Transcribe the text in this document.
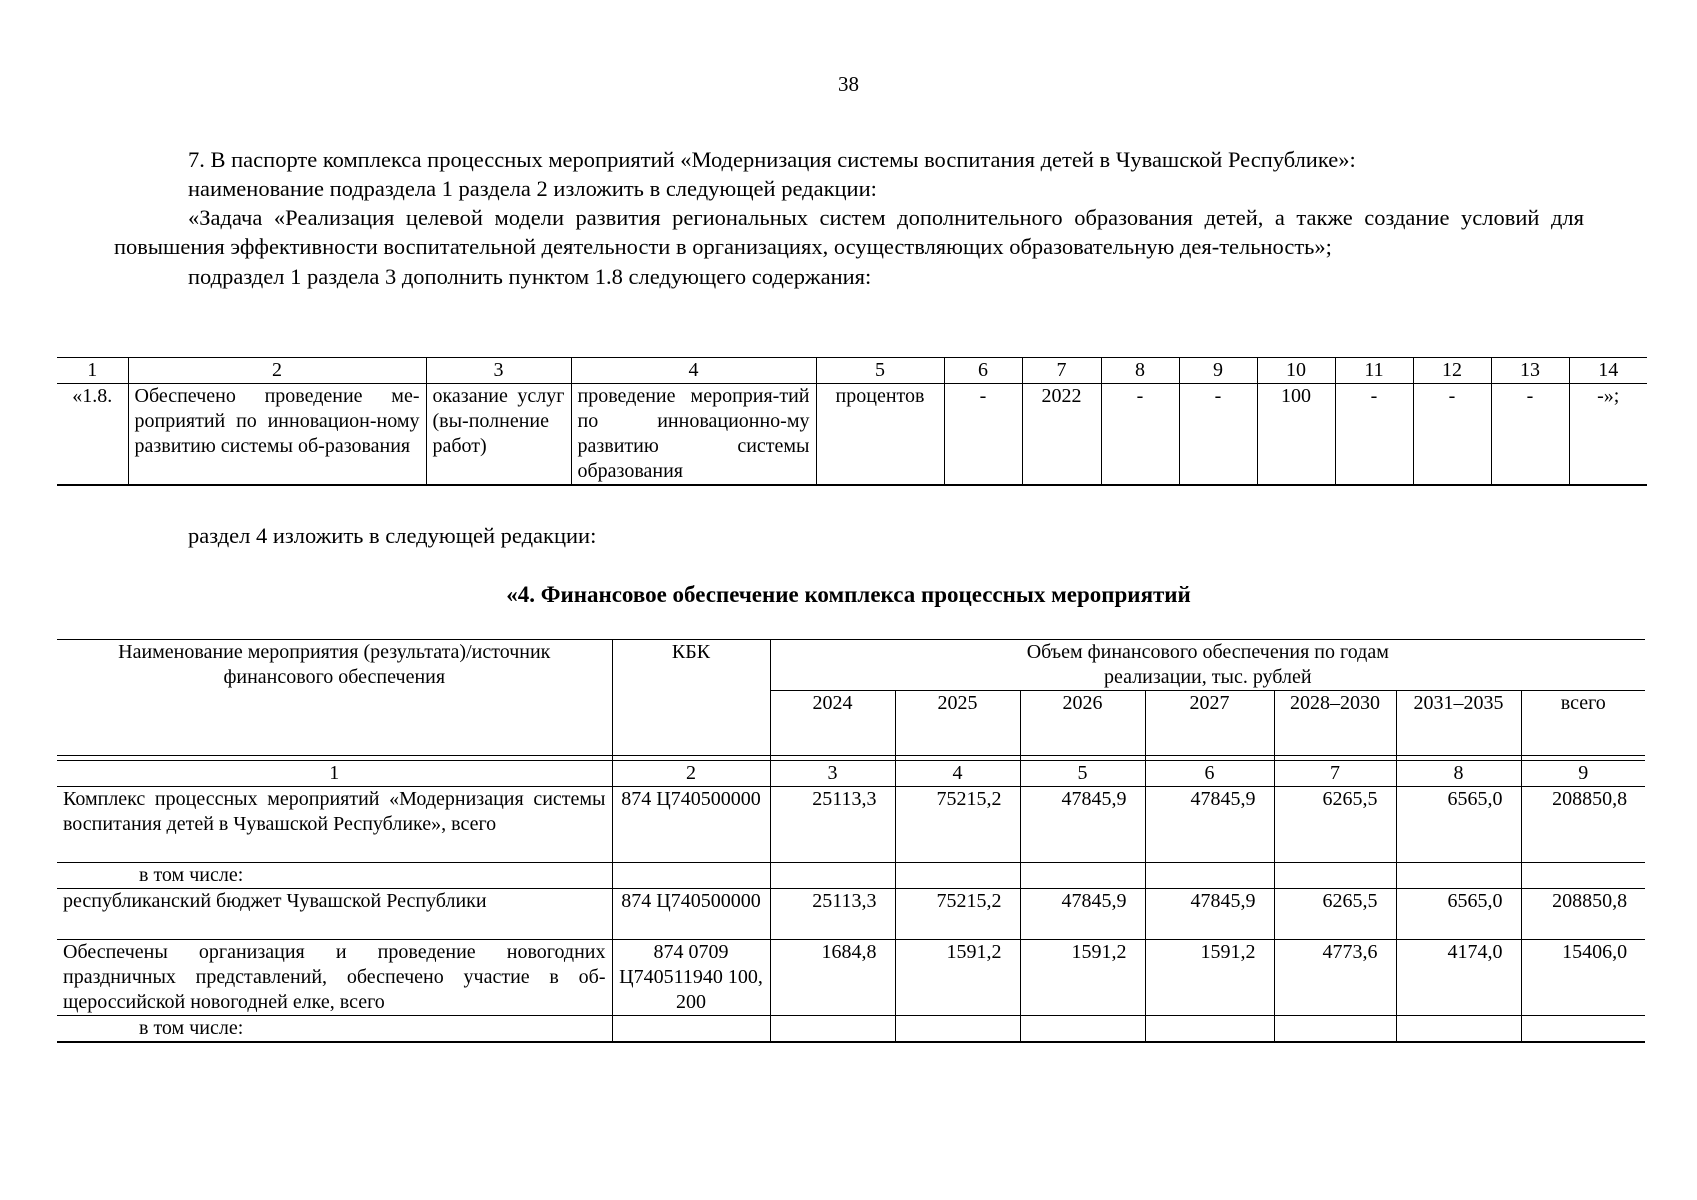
38
7. В паспорте комплекса процессных мероприятий «Модернизация системы воспитания детей в Чувашской Республике»:
наименование подраздела 1 раздела 2 изложить в следующей редакции:
«Задача «Реализация целевой модели развития региональных систем дополнительного образования детей, а также создание условий для повышения эффективности воспитательной деятельности в организациях, осуществляющих образовательную дея-тельность»;
подраздел 1 раздела 3 дополнить пунктом 1.8 следующего содержания:
1	2	3	4	5	6	7	8	9	10	11	12	13	14
«1.8.	Обеспечено проведение ме-роприятий по инновацион-ному развитию системы об-разования	оказание услуг (вы-полнение работ)	проведение мероприя-тий по инновационно-му развитию системы образования	процентов	-	2022	-	-	100	-	-	-	-»;
раздел 4 изложить в следующей редакции:
«4. Финансовое обеспечение комплекса процессных мероприятий
Наименование мероприятия (результата)/источник финансового обеспечения	КБК	Объем финансового обеспечения по годам
реализации, тыс. рублей						

		2024	2025	2026	2027	2028–2030	2031–2035	всего

1	2	3	4	5	6	7	8	9
Комплекс процессных мероприятий «Модернизация системы воспитания детей в Чувашской Республике», всего	874 Ц740500000	25113,3	75215,2	47845,9	47845,9	6265,5	6565,0	208850,8
в том числе:								
республиканский бюджет Чувашской Республики	874 Ц740500000	25113,3	75215,2	47845,9	47845,9	6265,5	6565,0	208850,8
Обеспечены организация и проведение новогодних праздничных представлений, обеспечено участие в об-щероссийской новогодней елке, всего	874 0709 Ц740511940 100, 200	1684,8	1591,2	1591,2	1591,2	4773,6	4174,0	15406,0
в том числе:								
